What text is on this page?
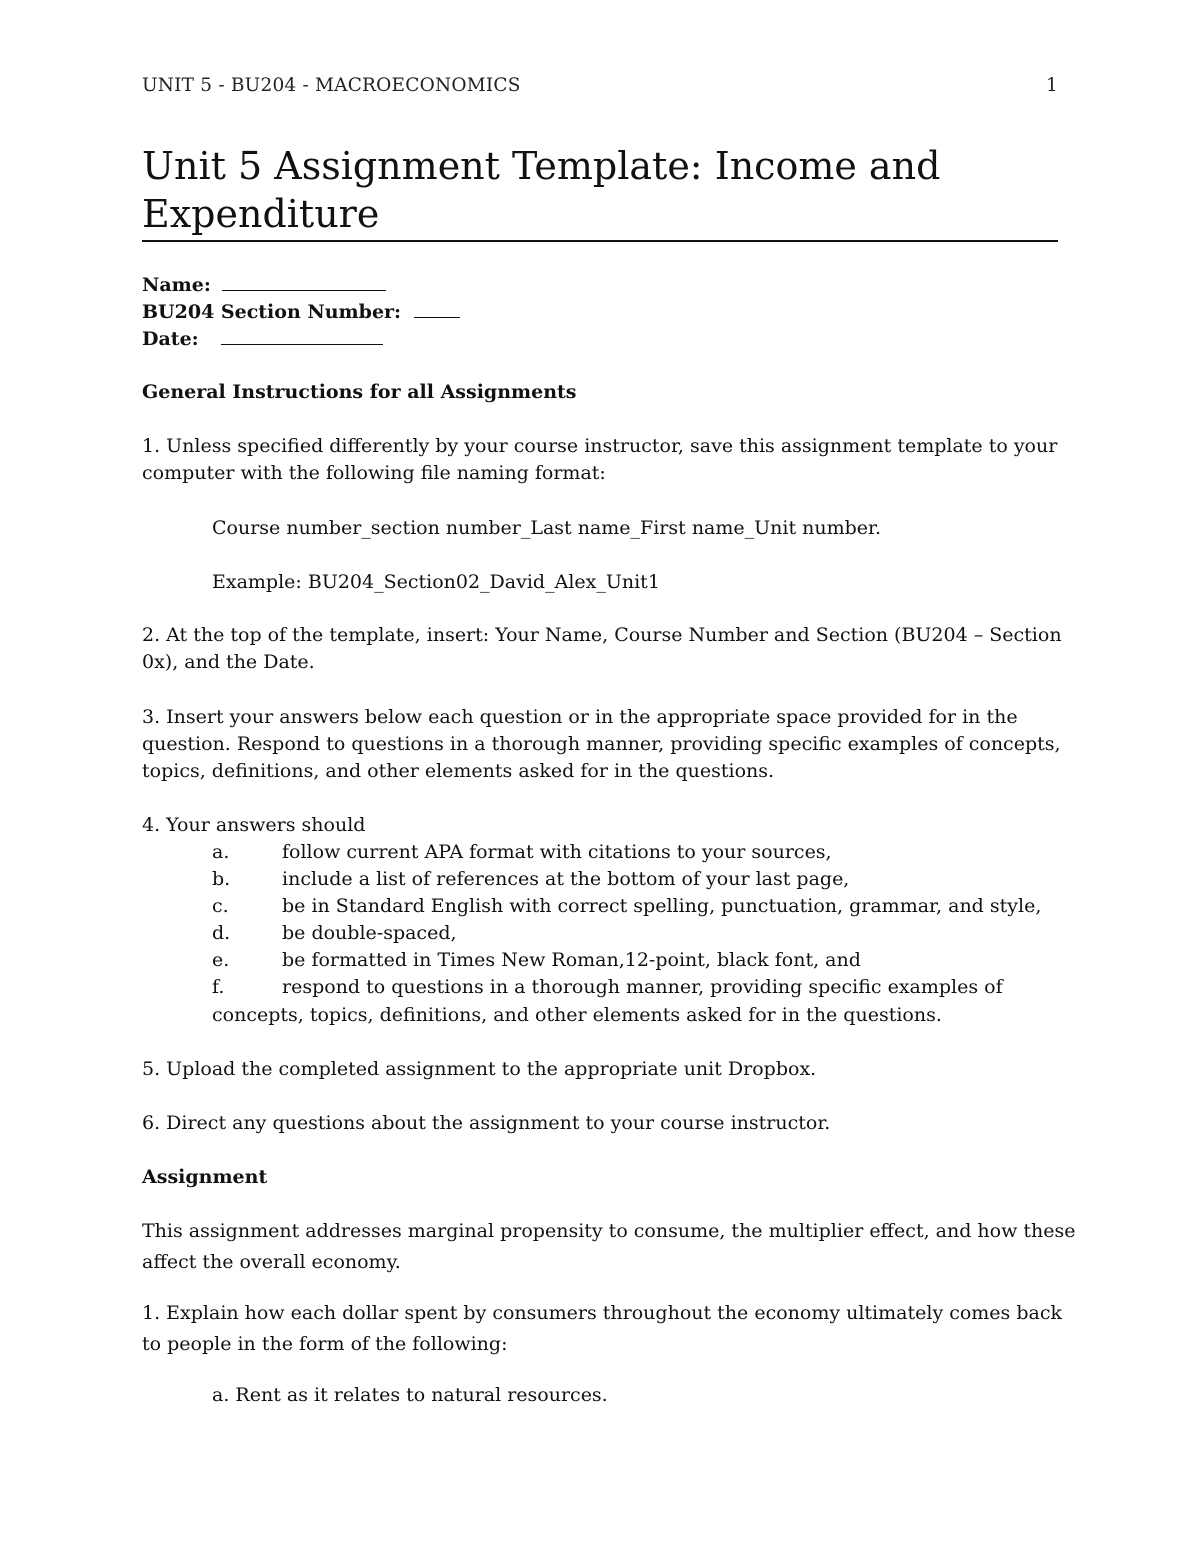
UNIT 5 - BU204 - MACROECONOMICS	1
Unit 5 Assignment Template: Income and
Expenditure
Name:
BU204 Section Number:
Date:
General Instructions for all Assignments
1. Unless specified differently by your course instructor, save this assignment template to your
computer with the following file naming format:
Course number_section number_Last name_First name_Unit number.
Example: BU204_Section02_David_Alex_Unit1
2. At the top of the template, insert: Your Name, Course Number and Section (BU204 – Section
0x), and the Date.
3. Insert your answers below each question or in the appropriate space provided for in the
question. Respond to questions in a thorough manner, providing specific examples of concepts,
topics, definitions, and other elements asked for in the questions.
4. Your answers should
a.	follow current APA format with citations to your sources,
b.	include a list of references at the bottom of your last page,
c.	be in Standard English with correct spelling, punctuation, grammar, and style,
d.	be double-spaced,
e.	be formatted in Times New Roman,12-point, black font, and
f.	respond to questions in a thorough manner, providing specific examples of
concepts, topics, definitions, and other elements asked for in the questions.
5. Upload the completed assignment to the appropriate unit Dropbox.
6. Direct any questions about the assignment to your course instructor.
Assignment
This assignment addresses marginal propensity to consume, the multiplier effect, and how these
affect the overall economy.
1. Explain how each dollar spent by consumers throughout the economy ultimately comes back
to people in the form of the following:
a. Rent as it relates to natural resources.
